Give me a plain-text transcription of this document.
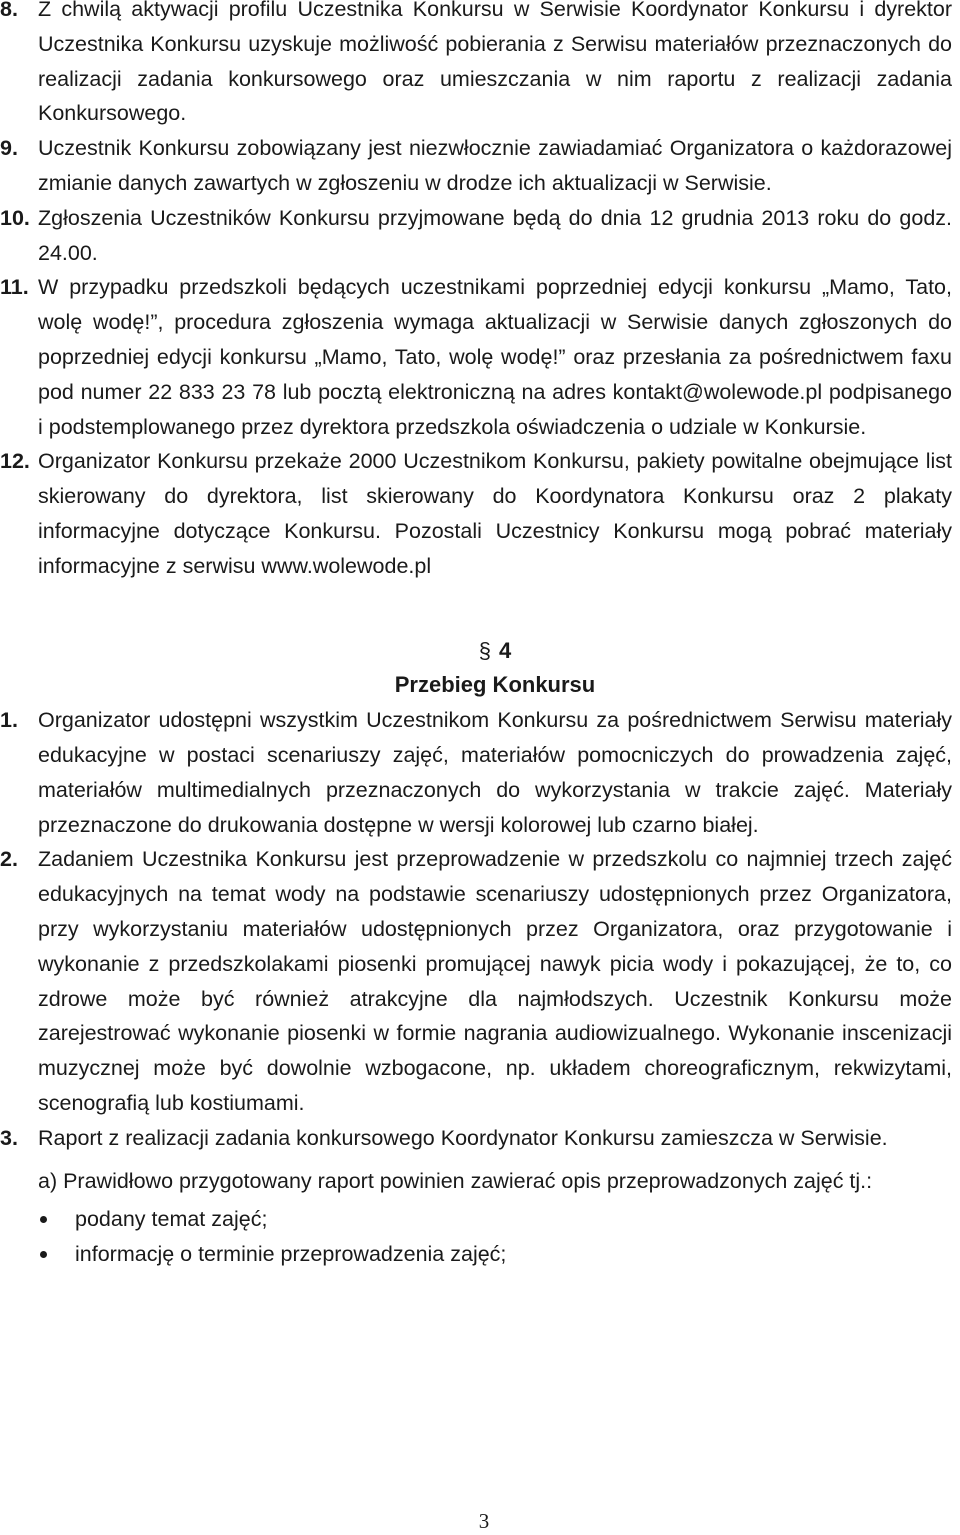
8. Z chwilą aktywacji profilu Uczestnika Konkursu w Serwisie Koordynator Konkursu i dyrektor Uczestnika Konkursu uzyskuje możliwość pobierania z Serwisu materiałów przeznaczonych do realizacji zadania konkursowego oraz umieszczania w nim raportu z realizacji zadania Konkursowego.

9. Uczestnik Konkursu zobowiązany jest niezwłocznie zawiadamiać Organizatora o każdorazowej zmianie danych zawartych w zgłoszeniu w drodze ich aktualizacji w Serwisie.

10. Zgłoszenia Uczestników Konkursu przyjmowane będą do dnia 12 grudnia 2013 roku do godz. 24.00.

11. W przypadku przedszkoli będących uczestnikami poprzedniej edycji konkursu „Mamo, Tato, wolę wodę!”, procedura zgłoszenia wymaga aktualizacji w Serwisie danych zgłoszonych do poprzedniej edycji konkursu „Mamo, Tato, wolę wodę!” oraz przesłania za pośrednictwem faxu pod numer 22 833 23 78 lub pocztą elektroniczną na adres kontakt@wolewode.pl podpisanego i podstemplowanego przez dyrektora przedszkola oświadczenia o udziale w Konkursie.

12. Organizator Konkursu przekaże 2000 Uczestnikom Konkursu, pakiety powitalne obejmujące list skierowany do dyrektora, list skierowany do Koordynatora Konkursu oraz 2 plakaty informacyjne dotyczące Konkursu. Pozostali Uczestnicy Konkursu mogą pobrać materiały informacyjne z serwisu www.wolewode.pl

§ 4
Przebieg Konkursu

1. Organizator udostępni wszystkim Uczestnikom Konkursu za pośrednictwem Serwisu materiały edukacyjne w postaci scenariuszy zajęć, materiałów pomocniczych do prowadzenia zajęć, materiałów multimedialnych przeznaczonych do wykorzystania w trakcie zajęć. Materiały przeznaczone do drukowania dostępne w wersji kolorowej lub czarno białej.

2. Zadaniem Uczestnika Konkursu jest przeprowadzenie w przedszkolu co najmniej trzech zajęć edukacyjnych na temat wody na podstawie scenariuszy udostępnionych przez Organizatora, przy wykorzystaniu materiałów udostępnionych przez Organizatora, oraz przygotowanie i wykonanie z przedszkolakami piosenki promującej nawyk picia wody i pokazującej, że to, co zdrowe może być również atrakcyjne dla najmłodszych. Uczestnik Konkursu może zarejestrować wykonanie piosenki w formie nagrania audiowizualnego. Wykonanie inscenizacji muzycznej może być dowolnie wzbogacone, np. układem choreograficznym, rekwizytami, scenografią lub kostiumami.

3. Raport z realizacji zadania konkursowego Koordynator Konkursu zamieszcza w Serwisie.

a) Prawidłowo przygotowany raport powinien zawierać opis przeprowadzonych zajęć tj.:

podany temat zajęć;
informację o terminie przeprowadzenia zajęć;
3
